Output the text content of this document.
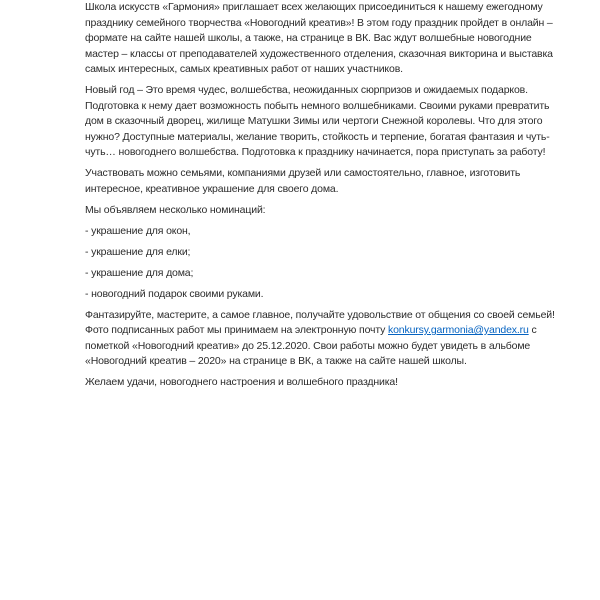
Школа искусств «Гармония» приглашает всех желающих присоединиться к нашему ежегодному празднику семейного творчества «Новогодний креатив»! В этом году праздник пройдет в онлайн – формате на сайте нашей школы, а также, на странице в ВК. Вас ждут волшебные новогодние мастер – классы от преподавателей художественного отделения, сказочная викторина и выставка самых интересных, самых креативных работ от наших участников.

Новый год – Это время чудес, волшебства, неожиданных сюрпризов и ожидаемых подарков. Подготовка к нему дает возможность побыть немного волшебниками. Своими руками превратить дом в сказочный дворец, жилище Матушки Зимы или чертоги Снежной королевы. Что для этого нужно? Доступные материалы, желание творить, стойкость и терпение, богатая фантазия и чуть-чуть… новогоднего волшебства. Подготовка к празднику начинается, пора приступать за работу!

Участвовать можно семьями, компаниями друзей или самостоятельно, главное, изготовить интересное, креативное украшение для своего дома.

Мы объявляем несколько номинаций:

- украшение для окон,

- украшение для елки;

- украшение для дома;

- новогодний подарок своими руками.

Фантазируйте, мастерите, а самое главное, получайте удовольствие от общения со своей семьей! Фото подписанных работ мы принимаем на электронную почту konkursy.garmonia@yandex.ru с пометкой «Новогодний креатив» до 25.12.2020. Свои работы можно будет увидеть в альбоме «Новогодний креатив – 2020» на странице в ВК, а также на сайте нашей школы.

Желаем удачи, новогоднего настроения и волшебного праздника!
